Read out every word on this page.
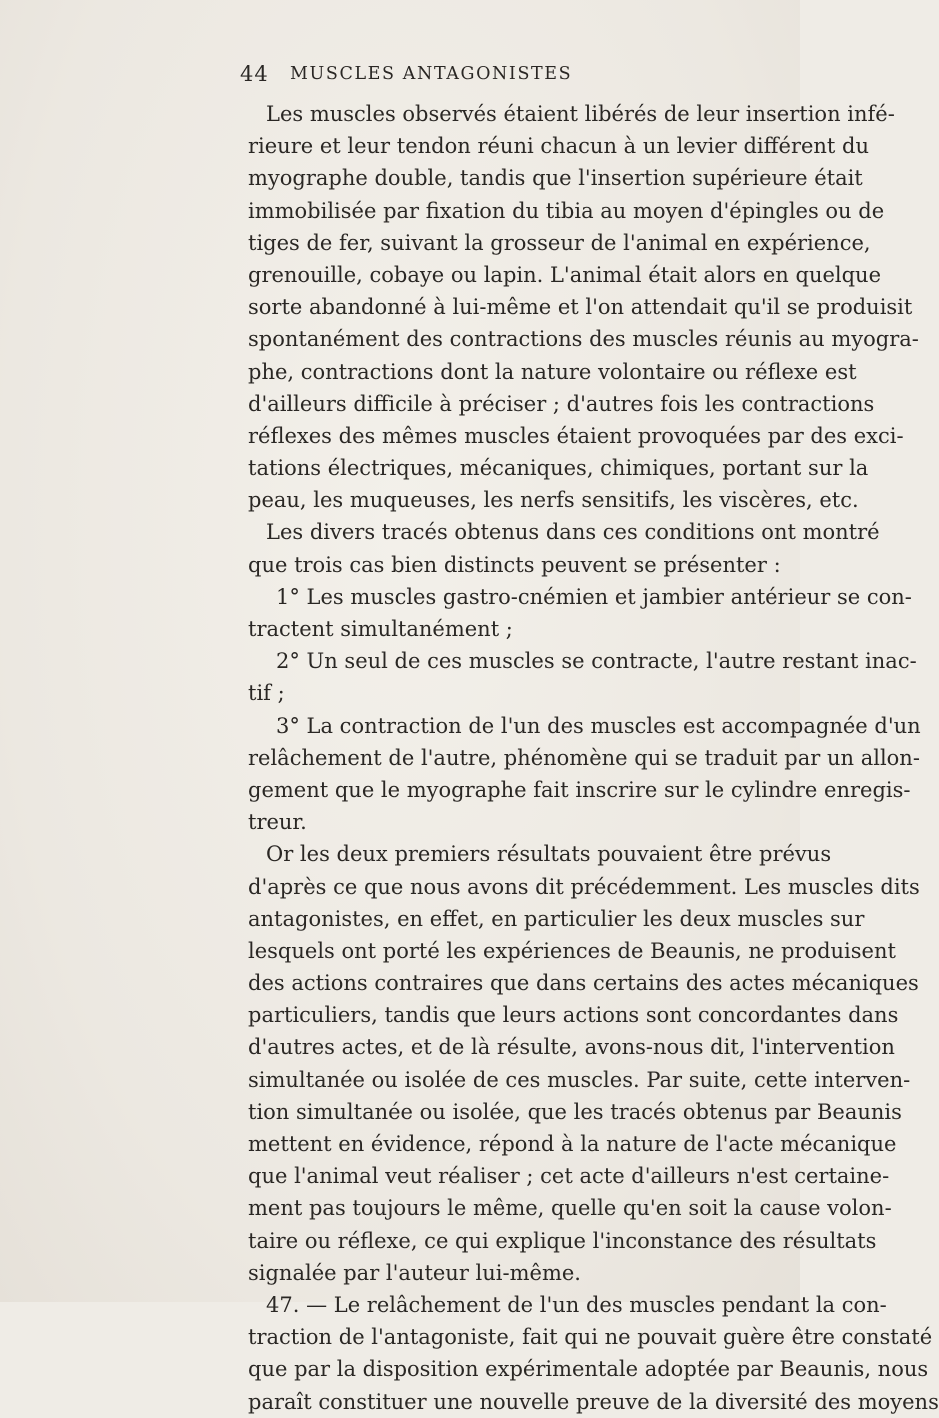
44 MUSCLES ANTAGONISTES
Les muscles observés étaient libérés de leur insertion infé-
rieure et leur tendon réuni chacun à un levier différent du
myographe double, tandis que l'insertion supérieure était
immobilisée par fixation du tibia au moyen d'épingles ou de
tiges de fer, suivant la grosseur de l'animal en expérience,
grenouille, cobaye ou lapin. L'animal était alors en quelque
sorte abandonné à lui-même et l'on attendait qu'il se produisit
spontanément des contractions des muscles réunis au myogra-
phe, contractions dont la nature volontaire ou réflexe est
d'ailleurs difficile à préciser ; d'autres fois les contractions
réflexes des mêmes muscles étaient provoquées par des exci-
tations électriques, mécaniques, chimiques, portant sur la
peau, les muqueuses, les nerfs sensitifs, les viscères, etc.
Les divers tracés obtenus dans ces conditions ont montré
que trois cas bien distincts peuvent se présenter :
1° Les muscles gastro-cnémien et jambier antérieur se con-
tractent simultanément ;
2° Un seul de ces muscles se contracte, l'autre restant inac-
tif ;
3° La contraction de l'un des muscles est accompagnée d'un
relâchement de l'autre, phénomène qui se traduit par un allon-
gement que le myographe fait inscrire sur le cylindre enregis-
treur.
Or les deux premiers résultats pouvaient être prévus
d'après ce que nous avons dit précédemment. Les muscles dits
antagonistes, en effet, en particulier les deux muscles sur
lesquels ont porté les expériences de Beaunis, ne produisent
des actions contraires que dans certains des actes mécaniques
particuliers, tandis que leurs actions sont concordantes dans
d'autres actes, et de là résulte, avons-nous dit, l'intervention
simultanée ou isolée de ces muscles. Par suite, cette interven-
tion simultanée ou isolée, que les tracés obtenus par Beaunis
mettent en évidence, répond à la nature de l'acte mécanique
que l'animal veut réaliser ; cet acte d'ailleurs n'est certaine-
ment pas toujours le même, quelle qu'en soit la cause volon-
taire ou réflexe, ce qui explique l'inconstance des résultats
signalée par l'auteur lui-même.
47. — Le relâchement de l'un des muscles pendant la con-
traction de l'antagoniste, fait qui ne pouvait guère être constaté
que par la disposition expérimentale adoptée par Beaunis, nous
paraît constituer une nouvelle preuve de la diversité des moyens
